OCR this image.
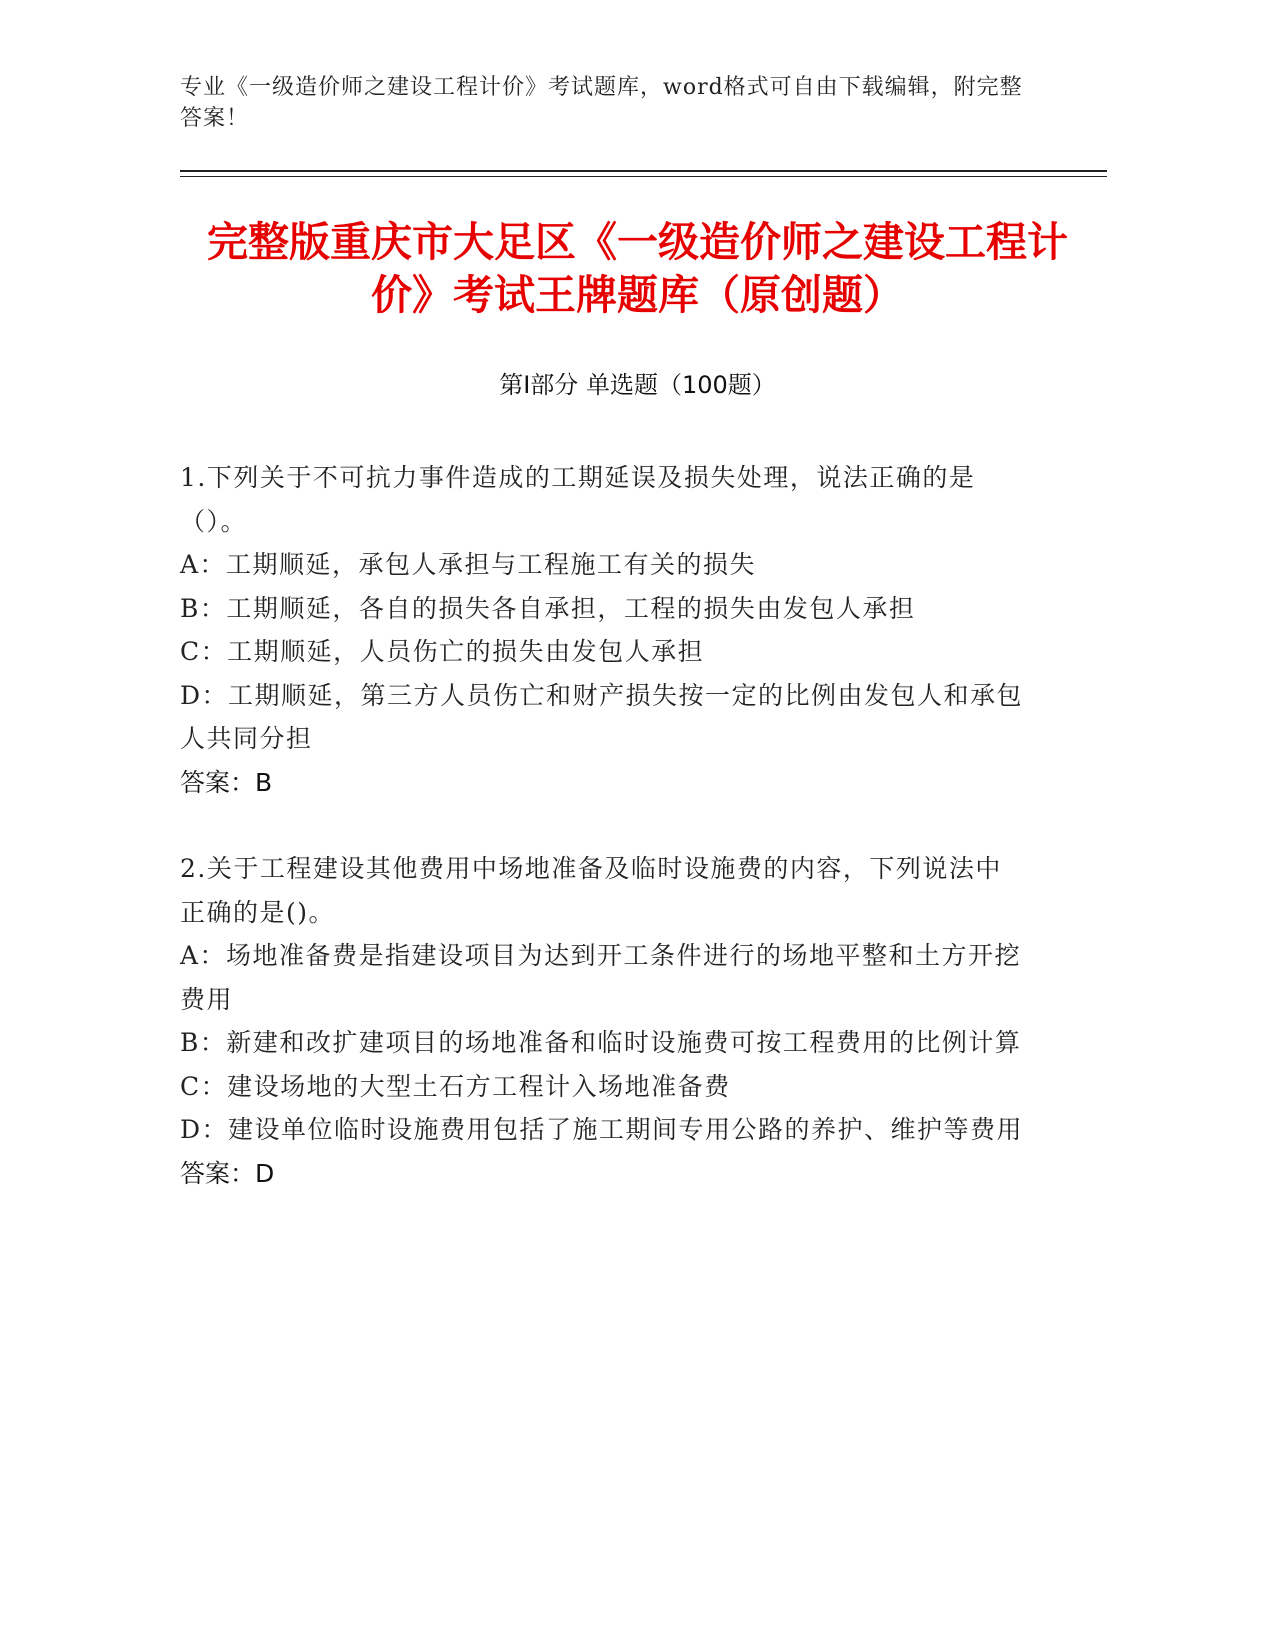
专业《一级造价师之建设工程计价》考试题库，word格式可自由下载编辑，附完整答案！
完整版重庆市大足区《一级造价师之建设工程计价》考试王牌题库（原创题）
第Ⅰ部分 单选题（100题）
1.下列关于不可抗力事件造成的工期延误及损失处理，说法正确的是（）。
A：工期顺延，承包人承担与工程施工有关的损失
B：工期顺延，各自的损失各自承担，工程的损失由发包人承担
C：工期顺延，人员伤亡的损失由发包人承担
D：工期顺延，第三方人员伤亡和财产损失按一定的比例由发包人和承包人共同分担
答案：B
2.关于工程建设其他费用中场地准备及临时设施费的内容，下列说法中正确的是()。
A：场地准备费是指建设项目为达到开工条件进行的场地平整和土方开挖费用
B：新建和改扩建项目的场地准备和临时设施费可按工程费用的比例计算
C：建设场地的大型土石方工程计入场地准备费
D：建设单位临时设施费用包括了施工期间专用公路的养护、维护等费用
答案：D
